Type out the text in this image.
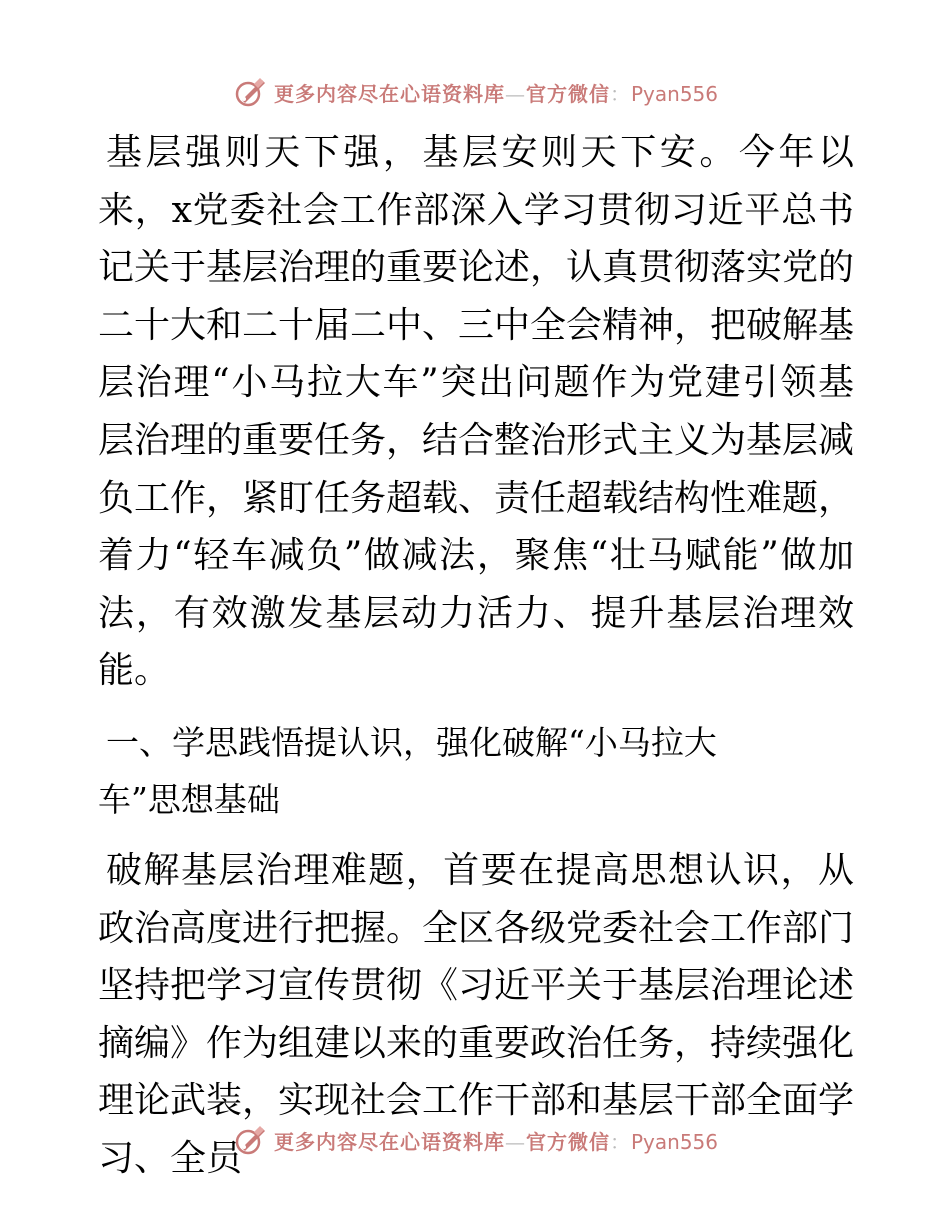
更多内容尽在心语资料库—官方微信：Pyan556

基层强则天下强，基层安则天下安。今年以来，x党委社会工作部深入学习贯彻习近平总书记关于基层治理的重要论述，认真贯彻落实党的二十大和二十届二中、三中全会精神，把破解基层治理“小马拉大车”突出问题作为党建引领基层治理的重要任务，结合整治形式主义为基层减负工作，紧盯任务超载、责任超载结构性难题，着力“轻车减负”做减法，聚焦“壮马赋能”做加法，有效激发基层动力活力、提升基层治理效能。

一、学思践悟提认识，强化破解“小马拉大车”思想基础

破解基层治理难题，首要在提高思想认识，从政治高度进行把握。全区各级党委社会工作部门坚持把学习宣传贯彻《习近平关于基层治理论述摘编》作为组建以来的重要政治任务，持续强化理论武装，实现社会工作干部和基层干部全面学习、全员	更多内容尽在心语资料库—官方微信：Pyan556
